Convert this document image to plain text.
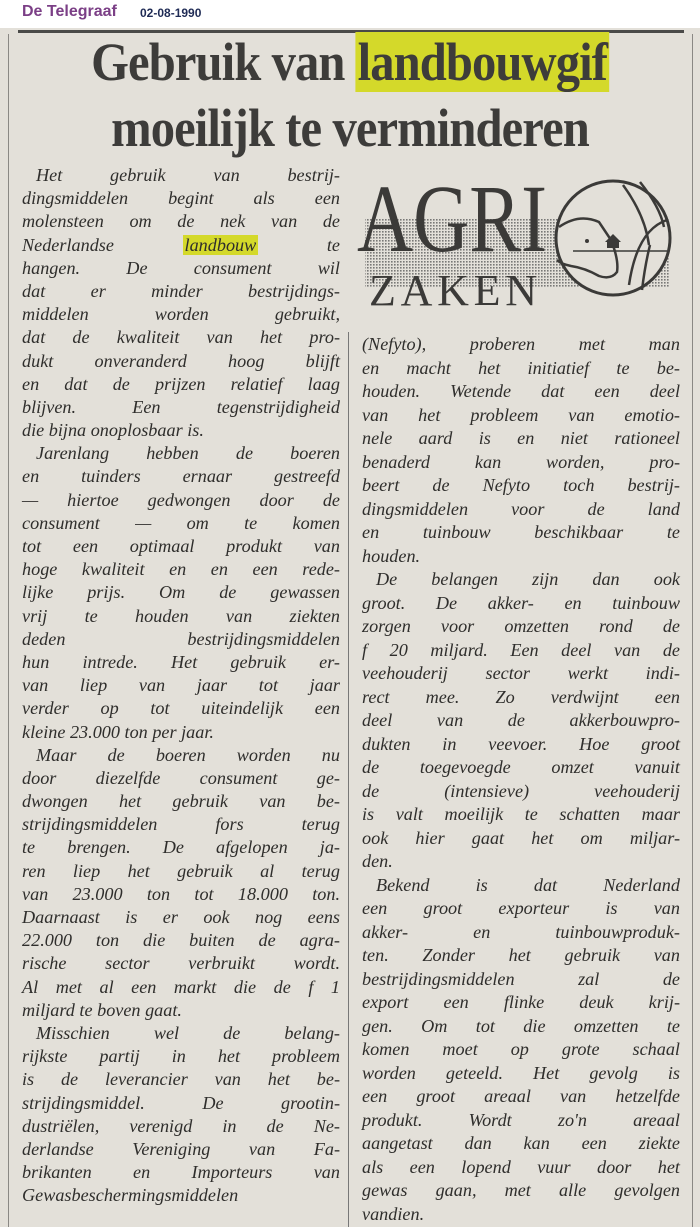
De Telegraaf 02-08-1990
Gebruik van landbouwgif
moeilijk te verminderen
AGRI
ZAKEN
Het gebruik van bestrij-
dingsmiddelen begint als een
molensteen om de nek van de
Nederlandse landbouw te
hangen. De consument wil
dat er minder bestrijdings-
middelen worden gebruikt,
dat de kwaliteit van het pro-
dukt onveranderd hoog blijft
en dat de prijzen relatief laag
blijven. Een tegenstrijdigheid
die bijna onoplosbaar is.
Jarenlang hebben de boeren
en tuinders ernaar gestreefd
— hiertoe gedwongen door de
consument — om te komen
tot een optimaal produkt van
hoge kwaliteit en en een rede-
lijke prijs. Om de gewassen
vrij te houden van ziekten
deden bestrijdingsmiddelen
hun intrede. Het gebruik er-
van liep van jaar tot jaar
verder op tot uiteindelijk een
kleine 23.000 ton per jaar.
Maar de boeren worden nu
door diezelfde consument ge-
dwongen het gebruik van be-
strijdingsmiddelen fors terug
te brengen. De afgelopen ja-
ren liep het gebruik al terug
van 23.000 ton tot 18.000 ton.
Daarnaast is er ook nog eens
22.000 ton die buiten de agra-
rische sector verbruikt wordt.
Al met al een markt die de f 1
miljard te boven gaat.
Misschien wel de belang-
rijkste partij in het probleem
is de leverancier van het be-
strijdingsmiddel. De grootin-
dustriëlen, verenigd in de Ne-
derlandse Vereniging van Fa-
brikanten en Importeurs van
Gewasbeschermingsmiddelen
(Nefyto), proberen met man
en macht het initiatief te be-
houden. Wetende dat een deel
van het probleem van emotio-
nele aard is en niet rationeel
benaderd kan worden, pro-
beert de Nefyto toch bestrij-
dingsmiddelen voor de land
en tuinbouw beschikbaar te
houden.
De belangen zijn dan ook
groot. De akker- en tuinbouw
zorgen voor omzetten rond de
f 20 miljard. Een deel van de
veehouderij sector werkt indi-
rect mee. Zo verdwijnt een
deel van de akkerbouwpro-
dukten in veevoer. Hoe groot
de toegevoegde omzet vanuit
de (intensieve) veehouderij
is valt moeilijk te schatten maar
ook hier gaat het om miljar-
den.
Bekend is dat Nederland
een groot exporteur is van
akker- en tuinbouwproduk-
ten. Zonder het gebruik van
bestrijdingsmiddelen zal de
export een flinke deuk krij-
gen. Om tot die omzetten te
komen moet op grote schaal
worden geteeld. Het gevolg is
een groot areaal van hetzelfde
produkt. Wordt zo'n areaal
aangetast dan kan een ziekte
als een lopend vuur door het
gewas gaan, met alle gevolgen
vandien.
